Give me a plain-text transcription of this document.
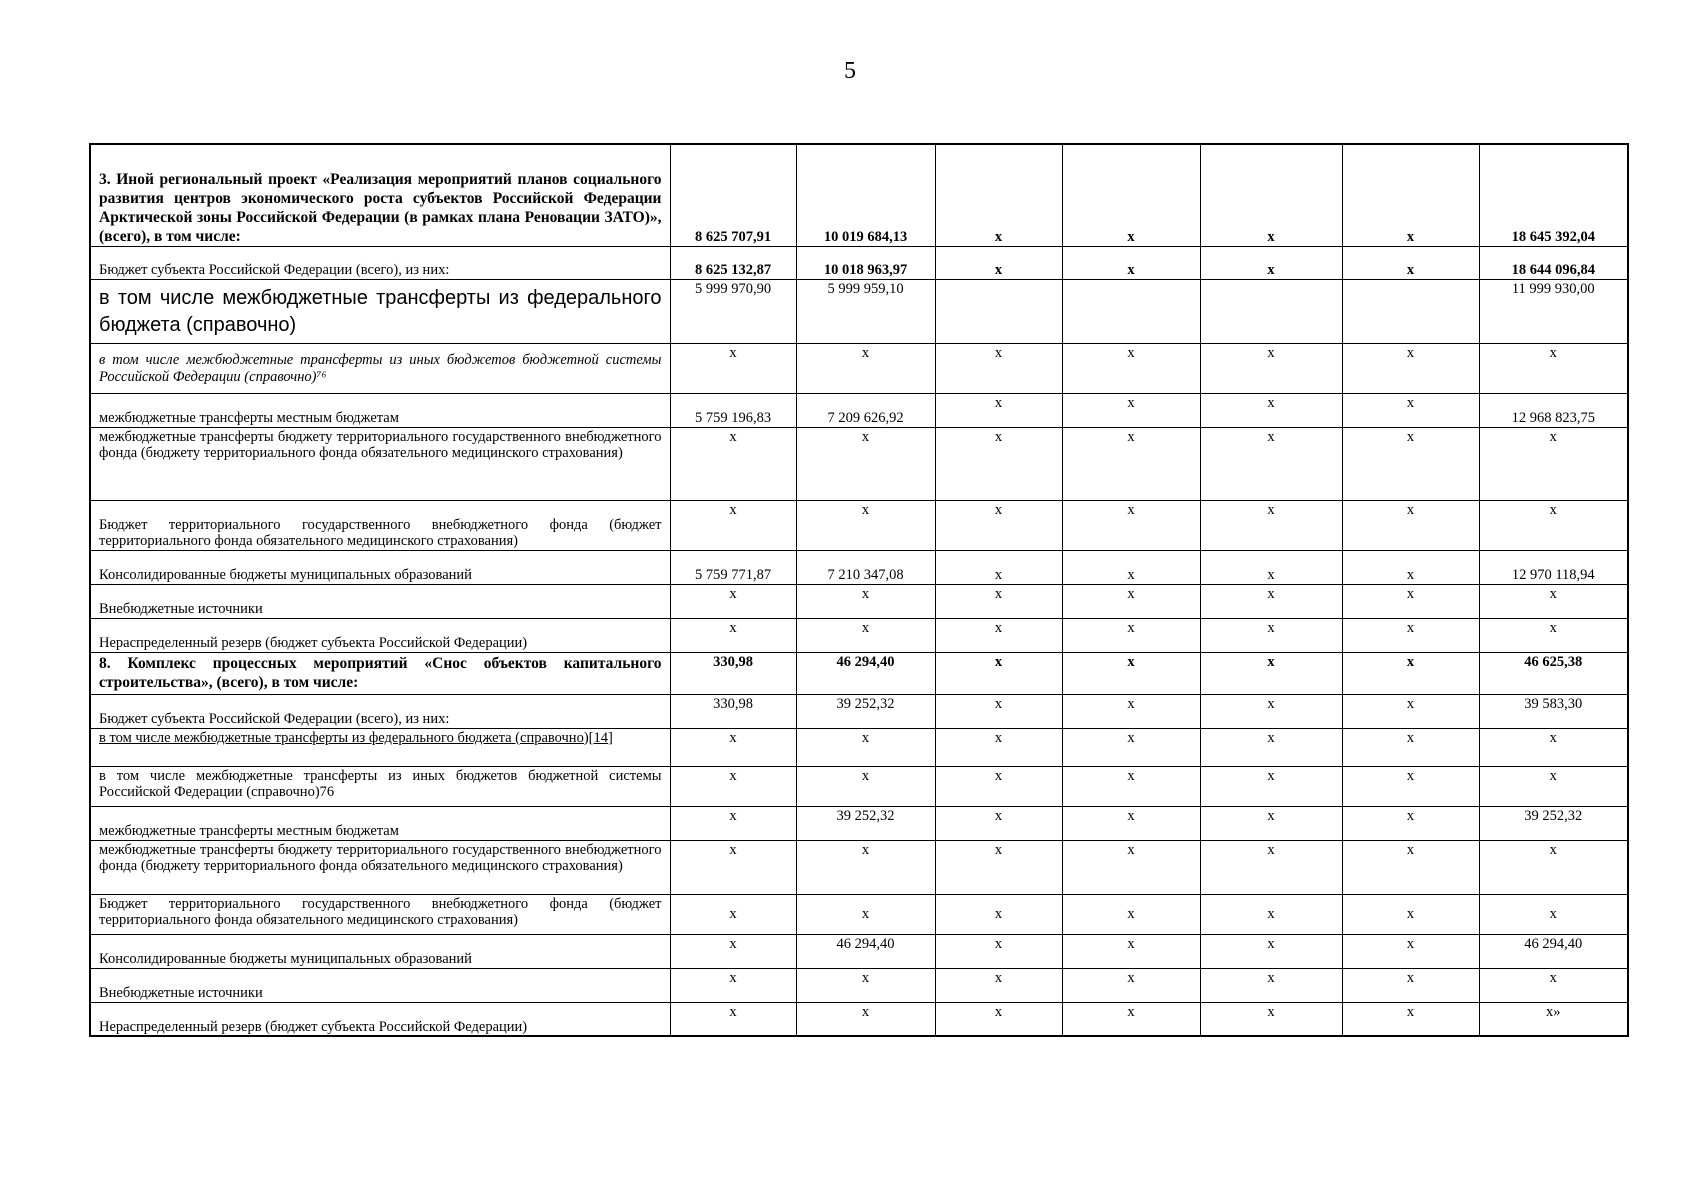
5
3. Иной региональный проект «Реализация мероприятий планов социального развития центров экономического роста субъектов Российской Федерации Арктической зоны Российской Федерации (в рамках плана Реновации ЗАТО)»,(всего), в том числе:	8 625 707,91	10 019 684,13	x	x	x	x	18 645 392,04
Бюджет субъекта Российской Федерации (всего), из них:	8 625 132,87	10 018 963,97	x	x	x	x	18 644 096,84
в том числе межбюджетные трансферты из федерального бюджета (справочно)	5 999 970,90	5 999 959,10					11 999 930,00
в том числе межбюджетные трансферты из иных бюджетов бюджетной системы Российской Федерации (справочно)⁷⁶	x	x	x	x	x	x	x
межбюджетные трансферты местным бюджетам	5 759 196,83	7 209 626,92	x	x	x	x	12 968 823,75
межбюджетные трансферты бюджету территориального государственного внебюджетного фонда (бюджету территориального фонда обязательного медицинского страхования)	x	x	x	x	x	x	x
Бюджет территориального государственного внебюджетного фонда (бюджет территориального фонда обязательного медицинского страхования)	x	x	x	x	x	x	x
Консолидированные бюджеты муниципальных образований	5 759 771,87	7 210 347,08	x	x	x	x	12 970 118,94
Внебюджетные источники	x	x	x	x	x	x	x
Нераспределенный резерв (бюджет субъекта Российской Федерации)	x	x	x	x	x	x	x
8. Комплекс процессных мероприятий «Снос объектов капитального строительства», (всего), в том числе:	330,98	46 294,40	x	x	x	x	46 625,38
Бюджет субъекта Российской Федерации (всего), из них:	330,98	39 252,32	x	x	x	x	39 583,30
в том числе межбюджетные трансферты из федерального бюджета (справочно)[14]	x	x	x	x	x	x	x
в том числе межбюджетные трансферты из иных бюджетов бюджетной системы Российской Федерации (справочно)76	x	x	x	x	x	x	x
межбюджетные трансферты местным бюджетам	x	39 252,32	x	x	x	x	39 252,32
межбюджетные трансферты бюджету территориального государственного внебюджетного фонда (бюджету территориального фонда обязательного медицинского страхования)	x	x	x	x	x	x	x
Бюджет территориального государственного внебюджетного фонда (бюджет территориального фонда обязательного медицинского страхования)	x	x	x	x	x	x	x
Консолидированные бюджеты муниципальных образований	x	46 294,40	x	x	x	x	46 294,40
Внебюджетные источники	x	x	x	x	x	x	x
Нераспределенный резерв (бюджет субъекта Российской Федерации)	x	x	x	x	x	x	x»
